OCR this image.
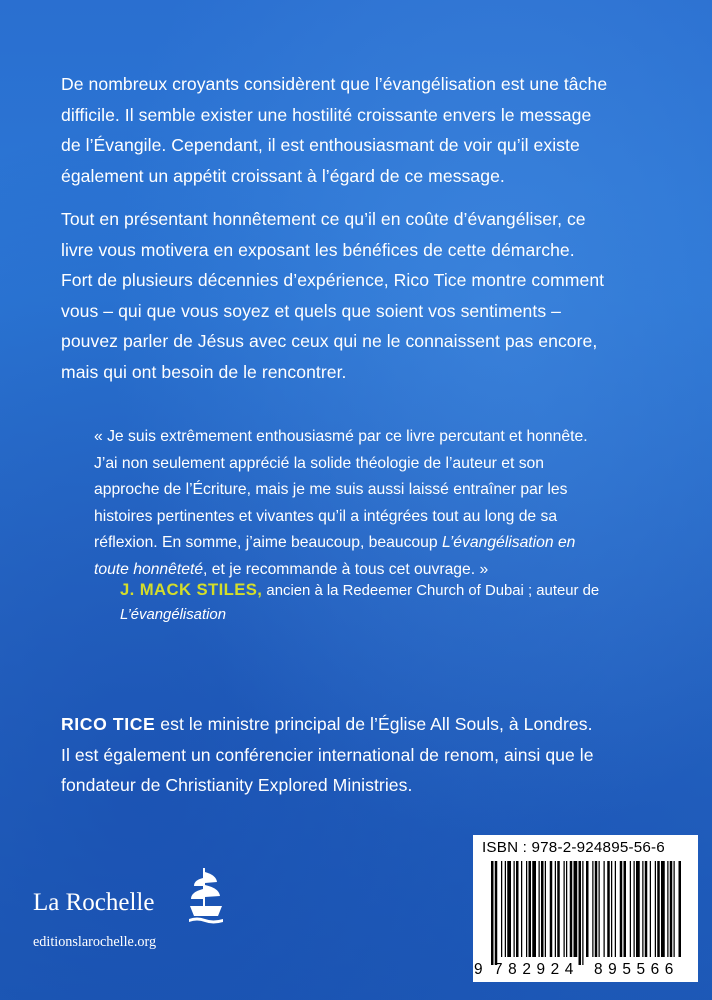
De nombreux croyants considèrent que l’évangélisation est une tâche
difficile. Il semble exister une hostilité croissante envers le message
de l’Évangile. Cependant, il est enthousiasmant de voir qu’il existe
également un appétit croissant à l’égard de ce message.

Tout en présentant honnêtement ce qu’il en coûte d’évangéliser, ce
livre vous motivera en exposant les bénéfices de cette démarche.
Fort de plusieurs décennies d’expérience, Rico Tice montre comment
vous – qui que vous soyez et quels que soient vos sentiments –
pouvez parler de Jésus avec ceux qui ne le connaissent pas encore,
mais qui ont besoin de le rencontrer.

« Je suis extrêmement enthousiasmé par ce livre percutant et honnête.
J’ai non seulement apprécié la solide théologie de l’auteur et son
approche de l’Écriture, mais je me suis aussi laissé entraîner par les
histoires pertinentes et vivantes qu’il a intégrées tout au long de sa
réflexion. En somme, j’aime beaucoup, beaucoup L’évangélisation en
toute honnêteté, et je recommande à tous cet ouvrage. »

J. MACK STILES, ancien à la Redeemer Church of Dubai ; auteur de
L’évangélisation

RICO TICE est le ministre principal de l’Église All Souls, à Londres.
Il est également un conférencier international de renom, ainsi que le
fondateur de Christianity Explored Ministries.

La Rochelle
editionslarochelle.org
ISBN : 978-2-924895-56-6
9 782924 895566
